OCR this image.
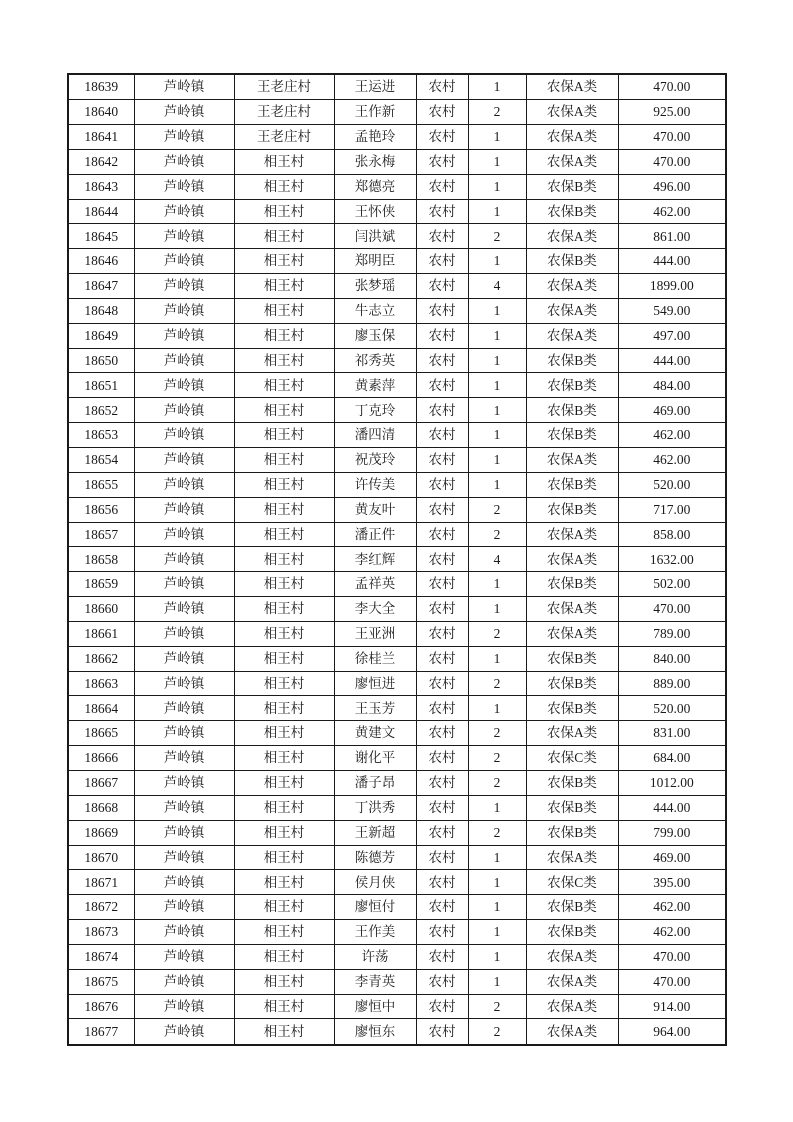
18639	芦岭镇	王老庄村	王运进	农村	1	农保A类	470.00
18640	芦岭镇	王老庄村	王作新	农村	2	农保A类	925.00
18641	芦岭镇	王老庄村	孟艳玲	农村	1	农保A类	470.00
18642	芦岭镇	相王村	张永梅	农村	1	农保A类	470.00
18643	芦岭镇	相王村	郑德亮	农村	1	农保B类	496.00
18644	芦岭镇	相王村	王怀侠	农村	1	农保B类	462.00
18645	芦岭镇	相王村	闫洪斌	农村	2	农保A类	861.00
18646	芦岭镇	相王村	郑明臣	农村	1	农保B类	444.00
18647	芦岭镇	相王村	张梦瑶	农村	4	农保A类	1899.00
18648	芦岭镇	相王村	牛志立	农村	1	农保A类	549.00
18649	芦岭镇	相王村	廖玉保	农村	1	农保A类	497.00
18650	芦岭镇	相王村	祁秀英	农村	1	农保B类	444.00
18651	芦岭镇	相王村	黄素萍	农村	1	农保B类	484.00
18652	芦岭镇	相王村	丁克玲	农村	1	农保B类	469.00
18653	芦岭镇	相王村	潘四清	农村	1	农保B类	462.00
18654	芦岭镇	相王村	祝茂玲	农村	1	农保A类	462.00
18655	芦岭镇	相王村	许传美	农村	1	农保B类	520.00
18656	芦岭镇	相王村	黄友叶	农村	2	农保B类	717.00
18657	芦岭镇	相王村	潘正件	农村	2	农保A类	858.00
18658	芦岭镇	相王村	李红辉	农村	4	农保A类	1632.00
18659	芦岭镇	相王村	孟祥英	农村	1	农保B类	502.00
18660	芦岭镇	相王村	李大全	农村	1	农保A类	470.00
18661	芦岭镇	相王村	王亚洲	农村	2	农保A类	789.00
18662	芦岭镇	相王村	徐桂兰	农村	1	农保B类	840.00
18663	芦岭镇	相王村	廖恒进	农村	2	农保B类	889.00
18664	芦岭镇	相王村	王玉芳	农村	1	农保B类	520.00
18665	芦岭镇	相王村	黄建文	农村	2	农保A类	831.00
18666	芦岭镇	相王村	谢化平	农村	2	农保C类	684.00
18667	芦岭镇	相王村	潘子昂	农村	2	农保B类	1012.00
18668	芦岭镇	相王村	丁洪秀	农村	1	农保B类	444.00
18669	芦岭镇	相王村	王新超	农村	2	农保B类	799.00
18670	芦岭镇	相王村	陈德芳	农村	1	农保A类	469.00
18671	芦岭镇	相王村	侯月侠	农村	1	农保C类	395.00
18672	芦岭镇	相王村	廖恒付	农村	1	农保B类	462.00
18673	芦岭镇	相王村	王作美	农村	1	农保B类	462.00
18674	芦岭镇	相王村	许荡	农村	1	农保A类	470.00
18675	芦岭镇	相王村	李青英	农村	1	农保A类	470.00
18676	芦岭镇	相王村	廖恒中	农村	2	农保A类	914.00
18677	芦岭镇	相王村	廖恒东	农村	2	农保A类	964.00
